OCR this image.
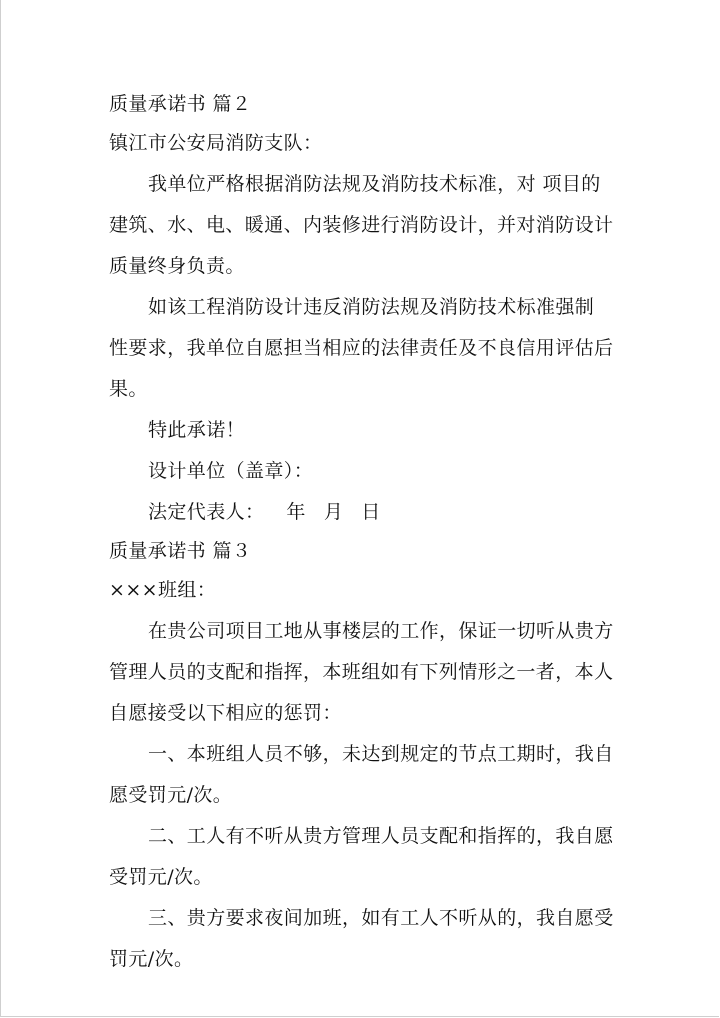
质量承诺书 篇２
镇江市公安局消防支队：
我单位严格根据消防法规及消防技术标准，对 项目的
建筑、水、电、暖通、内装修进行消防设计，并对消防设计
质量终身负责。
如该工程消防设计违反消防法规及消防技术标准强制
性要求，我单位自愿担当相应的法律责任及不良信用评估后
果。
特此承诺！
设计单位（盖章）：
法定代表人： 年 月 日
质量承诺书 篇３
×××班组：
在贵公司项目工地从事楼层的工作，保证一切听从贵方
管理人员的支配和指挥，本班组如有下列情形之一者，本人
自愿接受以下相应的惩罚：
一、本班组人员不够，未达到规定的节点工期时，我自
愿受罚元/次。
二、工人有不听从贵方管理人员支配和指挥的，我自愿
受罚元/次。
三、贵方要求夜间加班，如有工人不听从的，我自愿受
罚元/次。
